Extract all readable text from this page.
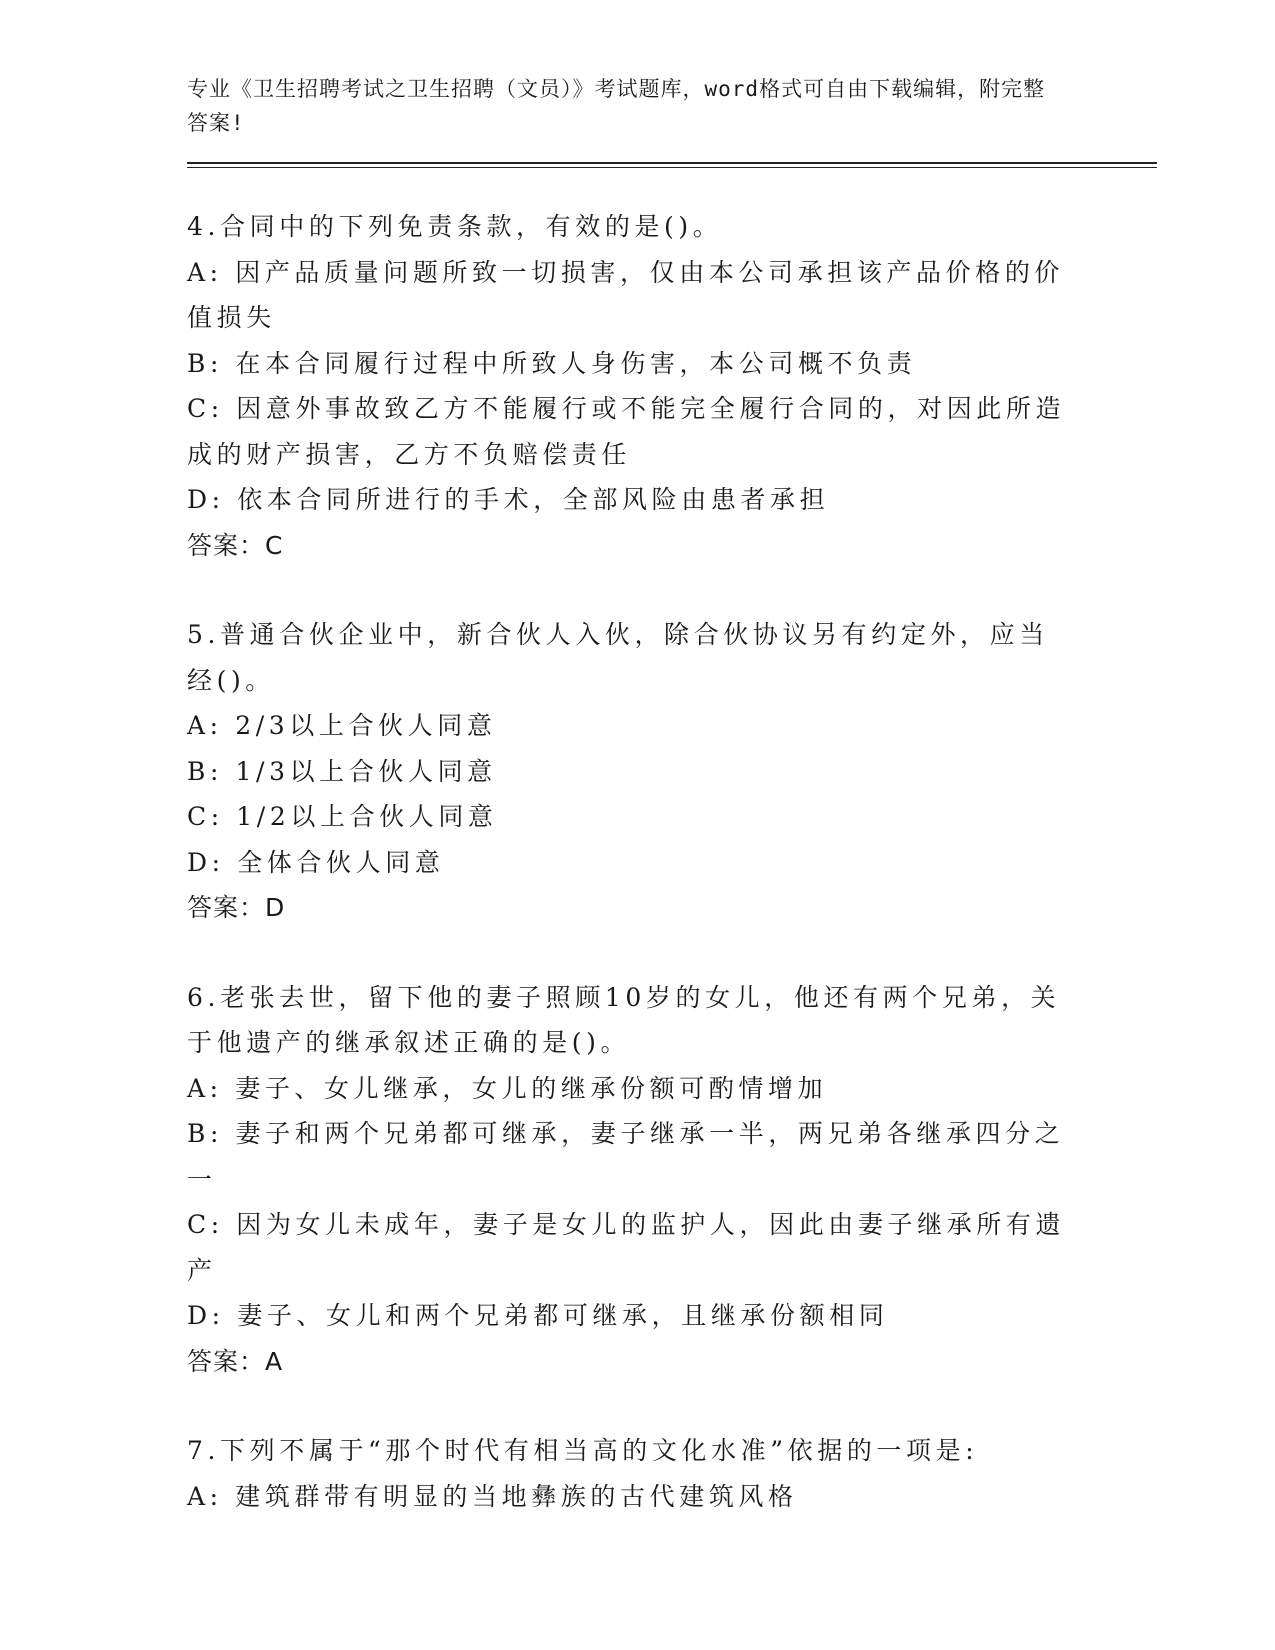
专业《卫生招聘考试之卫生招聘（文员）》考试题库，word格式可自由下载编辑，附完整答案!
4.合同中的下列免责条款，有效的是()。
A: 因产品质量问题所致一切损害，仅由本公司承担该产品价格的价值损失
B: 在本合同履行过程中所致人身伤害，本公司概不负责
C: 因意外事故致乙方不能履行或不能完全履行合同的，对因此所造成的财产损害，乙方不负赔偿责任
D: 依本合同所进行的手术，全部风险由患者承担
答案：C
5.普通合伙企业中，新合伙人入伙，除合伙协议另有约定外，应当经()。
A: 2/3以上合伙人同意
B: 1/3以上合伙人同意
C: 1/2以上合伙人同意
D: 全体合伙人同意
答案：D
6.老张去世，留下他的妻子照顾10岁的女儿，他还有两个兄弟，关于他遗产的继承叙述正确的是()。
A: 妻子、女儿继承，女儿的继承份额可酌情增加
B: 妻子和两个兄弟都可继承，妻子继承一半，两兄弟各继承四分之一
C: 因为女儿未成年，妻子是女儿的监护人，因此由妻子继承所有遗产
D: 妻子、女儿和两个兄弟都可继承，且继承份额相同
答案：A
7.下列不属于“那个时代有相当高的文化水准”依据的一项是:
A: 建筑群带有明显的当地彝族的古代建筑风格
